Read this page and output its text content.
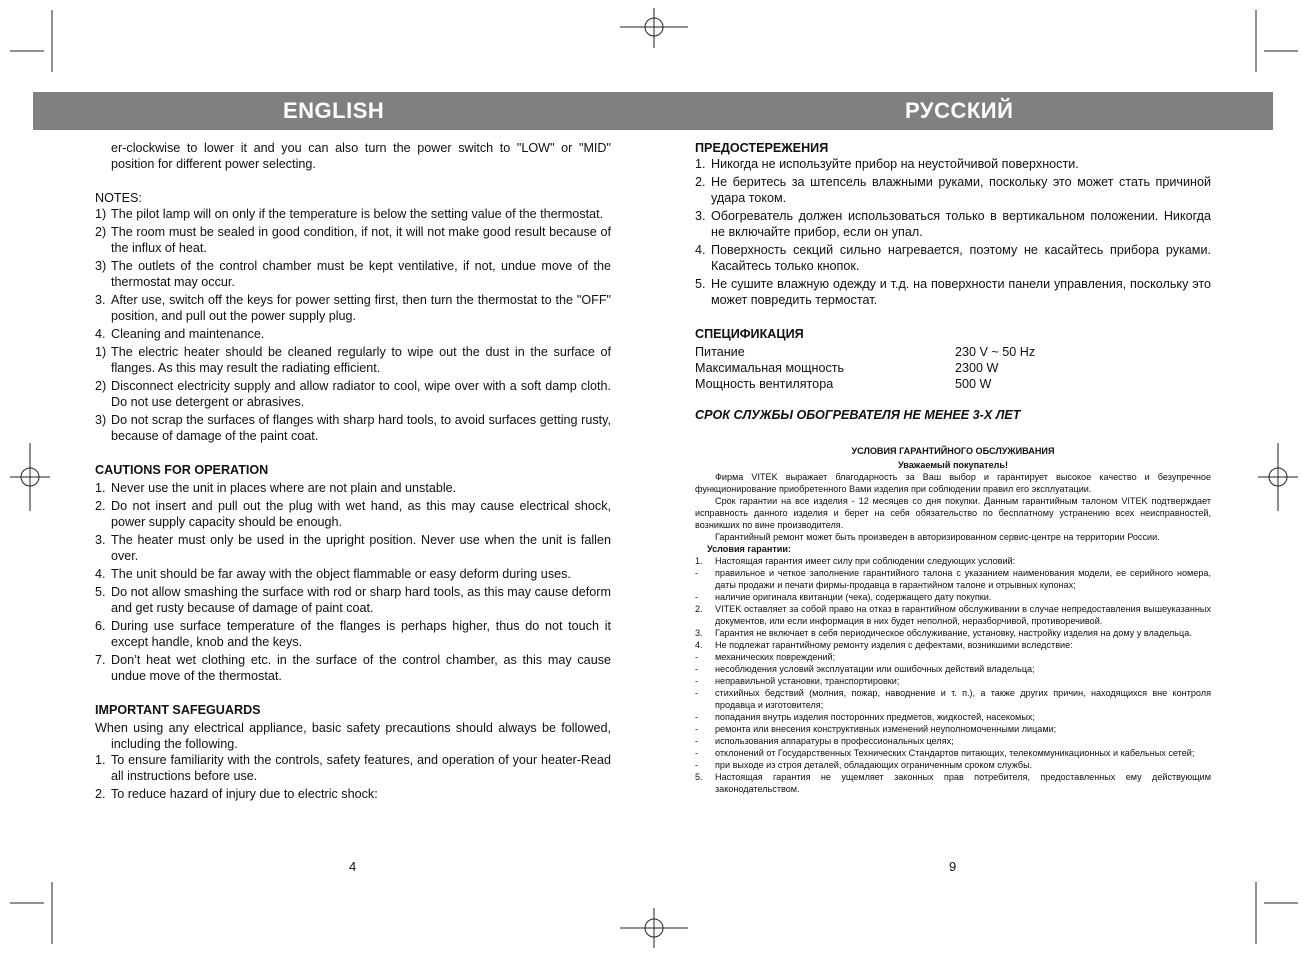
ENGLISH	РУССКИЙ

er-clockwise to lower it and you can also turn the power switch to "LOW" or "MID" position for different power selecting.

NOTES:

1) The pilot lamp will on only if the temperature is below the setting value of the thermostat.
2) The room must be sealed in good condition, if not, it will not make good result because of the influx of heat.
3) The outlets of the control chamber must be kept ventilative, if not, undue move of the thermostat may occur.
3. After use, switch off the keys for power setting first, then turn the thermostat to the "OFF" position, and pull out the power supply plug.
4. Cleaning and maintenance.
1) The electric heater should be cleaned regularly to wipe out the dust in the surface of flanges. As this may result the radiating efficient.
2) Disconnect electricity supply and allow radiator to cool, wipe over with a soft damp cloth. Do not use detergent or abrasives.
3) Do not scrap the surfaces of flanges with sharp hard tools, to avoid surfaces getting rusty, because of damage of the paint coat.

CAUTIONS FOR OPERATION

1. Never use the unit in places where are not plain and unstable.
2. Do not insert and pull out the plug with wet hand, as this may cause electrical shock, power supply capacity should be enough.
3. The heater must only be used in the upright position. Never use when the unit is fallen over.
4. The unit should be far away with the object flammable or easy deform during uses.
5. Do not allow smashing the surface with rod or sharp hard tools, as this may cause deform and get rusty because of damage of paint coat.
6. During use surface temperature of the flanges is perhaps higher, thus do not touch it except handle, knob and the keys.
7. Don’t heat wet clothing etc. in the surface of the control chamber, as this may cause undue move of the thermostat.

IMPORTANT SAFEGUARDS

When using any electrical appliance, basic safety precautions should always be followed, including the following.

1. To ensure familiarity with the controls, safety features, and operation of your heater-Read all instructions before use.
2. To reduce hazard of injury due to electric shock:

ПРЕДОСТЕРЕЖЕНИЯ

1. Никогда не используйте прибор на неустойчивой поверхности.
2. Не беритесь за штепсель влажными руками, поскольку это может стать причиной удара током.
3. Обогреватель должен использоваться только в вертикальном положении. Никогда не включайте прибор, если он упал.
4. Поверхность секций сильно нагревается, поэтому не касайтесь прибора руками. Касайтесь только кнопок.
5. Не сушите влажную одежду и т.д. на поверхности панели управления, поскольку это может повредить термостат.

СПЕЦИФИКАЦИЯ

Питание	230 V ~ 50 Hz
Максимальная мощность	2300 W
Мощность вентилятора	500 W

СРОК СЛУЖБЫ ОБОГРЕВАТЕЛЯ НЕ МЕНЕЕ 3-Х ЛЕТ

УСЛОВИЯ ГАРАНТИЙНОГО ОБСЛУЖИВАНИЯ

Уважаемый покупатель!

Фирма VITEK выражает благодарность за Ваш выбор и гарантирует высокое качество и безупречное функционирование приобретенного Вами изделия при соблюдении правил его эксплуатации.

Срок гарантии на все изделия - 12 месяцев со дня покупки. Данным гарантийным талоном VITEK подтверждает исправность данного изделия и берет на себя обязательство по бесплатному устранению всех неисправностей, возникших по вине производителя.

Гарантийный ремонт может быть произведен в авторизированном сервис-центре на территории России.

Условия гарантии:

1.	Настоящая гарантия имеет силу при соблюдении следующих условий:
-	правильное и четкое заполнение гарантийного талона с указанием наименования модели, ее серийного номера, даты продажи и печати фирмы-продавца в гарантийном талоне и отрывных купонах;
-	наличие оригинала квитанции (чека), содержащего дату покупки.
2.	VITEK оставляет за собой право на отказ в гарантийном обслуживании в случае непредоставления вышеуказанных документов, или если информация в них будет неполной, неразборчивой, противоречивой.
3.	Гарантия не включает в себя периодическое обслуживание, установку, настройку изделия на дому у владельца.
4.	Не подлежат гарантийному ремонту изделия с дефектами, возникшими вследствие:
-	механических повреждений;
-	несоблюдения условий эксплуатации или ошибочных действий владельца;
-	неправильной установки, транспортировки;
-	стихийных бедствий (молния, пожар, наводнение и т. п.), а также других причин, находящихся вне контроля продавца и изготовителя;
-	попадания внутрь изделия посторонних предметов, жидкостей, насекомых;
-	ремонта или внесения конструктивных изменений неуполномоченными лицами;
-	использования аппаратуры в профессиональных целях;
-	отклонений от Государственных Технических Стандартов питающих, телекоммуникационных и кабельных сетей;
-	при выходе из строя деталей, обладающих ограниченным сроком службы.
5.	Настоящая гарантия не ущемляет законных прав потребителя, предоставленных ему действующим законодательством.
4	9
